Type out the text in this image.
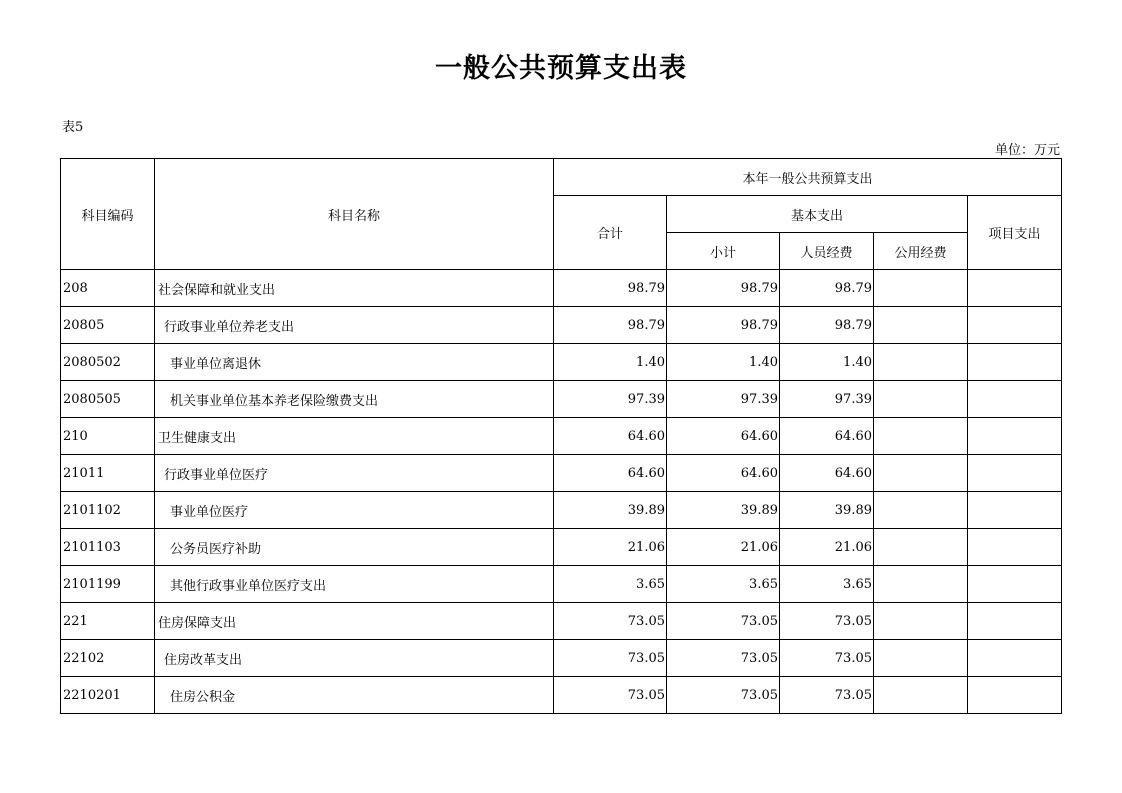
一般公共预算支出表
表5
单位：万元
科目编码	科目名称	本年一般公共预算支出				
		合计	基本支出			项目支出
			小计	人员经费	公用经费	
208	社会保障和就业支出	98.79	98.79	98.79		
20805	行政事业单位养老支出	98.79	98.79	98.79		
2080502	事业单位离退休	1.40	1.40	1.40		
2080505	机关事业单位基本养老保险缴费支出	97.39	97.39	97.39		
210	卫生健康支出	64.60	64.60	64.60		
21011	行政事业单位医疗	64.60	64.60	64.60		
2101102	事业单位医疗	39.89	39.89	39.89		
2101103	公务员医疗补助	21.06	21.06	21.06		
2101199	其他行政事业单位医疗支出	3.65	3.65	3.65		
221	住房保障支出	73.05	73.05	73.05		
22102	住房改革支出	73.05	73.05	73.05		
2210201	住房公积金	73.05	73.05	73.05		
